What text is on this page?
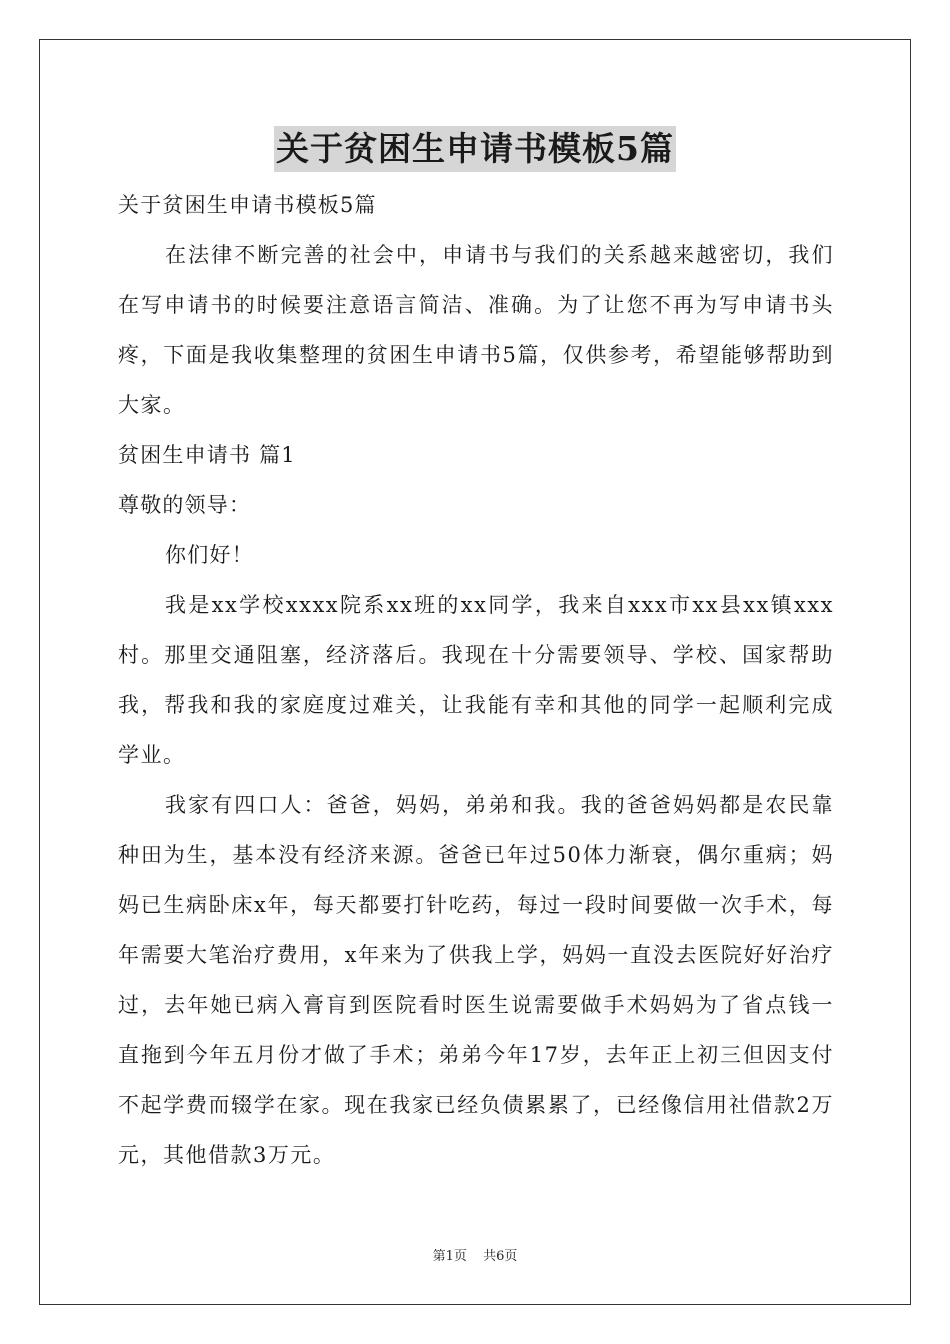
关于贫困生申请书模板5篇

关于贫困生申请书模板5篇

在法律不断完善的社会中，申请书与我们的关系越来越密切，我们在写申请书的时候要注意语言简洁、准确。为了让您不再为写申请书头疼，下面是我收集整理的贫困生申请书5篇，仅供参考，希望能够帮助到大家。

贫困生申请书 篇1

尊敬的领导：

你们好！

我是xx学校xxxx院系xx班的xx同学，我来自xxx市xx县xx镇xxx村。那里交通阻塞，经济落后。我现在十分需要领导、学校、国家帮助我，帮我和我的家庭度过难关，让我能有幸和其他的同学一起顺利完成学业。

我家有四口人：爸爸，妈妈，弟弟和我。我的爸爸妈妈都是农民靠种田为生，基本没有经济来源。爸爸已年过50体力渐衰，偶尔重病；妈妈已生病卧床x年，每天都要打针吃药，每过一段时间要做一次手术，每年需要大笔治疗费用，x年来为了供我上学，妈妈一直没去医院好好治疗过，去年她已病入膏肓到医院看时医生说需要做手术妈妈为了省点钱一直拖到今年五月份才做了手术；弟弟今年17岁，去年正上初三但因支付不起学费而辍学在家。现在我家已经负债累累了，已经像信用社借款2万元，其他借款3万元。

第1页 共6页
